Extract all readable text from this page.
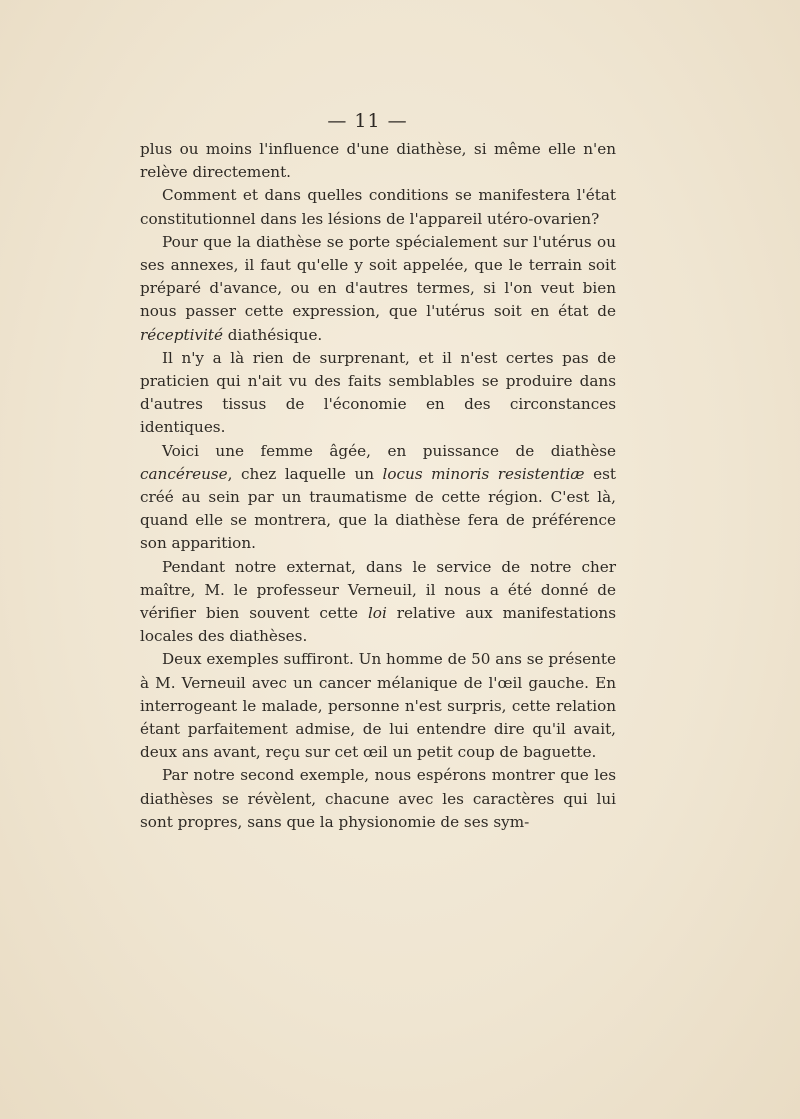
— 11 —

plus ou moins l'influence d'une diathèse, si même elle n'en relève directement.

Comment et dans quelles conditions se manifestera l'état constitutionnel dans les lésions de l'appareil utéro-ovarien?

Pour que la diathèse se porte spécialement sur l'utérus ou ses annexes, il faut qu'elle y soit appelée, que le terrain soit préparé d'avance, ou en d'autres termes, si l'on veut bien nous passer cette expression, que l'utérus soit en état de réceptivité diathésique.

Il n'y a là rien de surprenant, et il n'est certes pas de praticien qui n'ait vu des faits semblables se produire dans d'autres tissus de l'économie en des circonstances identiques.

Voici une femme âgée, en puissance de diathèse cancéreuse, chez laquelle un locus minoris resistentiæ est créé au sein par un traumatisme de cette région. C'est là, quand elle se montrera, que la diathèse fera de préférence son apparition.

Pendant notre externat, dans le service de notre cher maître, M. le professeur Verneuil, il nous a été donné de vérifier bien souvent cette loi relative aux manifestations locales des diathèses.

Deux exemples suffiront. Un homme de 50 ans se présente à M. Verneuil avec un cancer mélanique de l'œil gauche. En interrogeant le malade, personne n'est surpris, cette relation étant parfaitement admise, de lui entendre dire qu'il avait, deux ans avant, reçu sur cet œil un petit coup de baguette.

Par notre second exemple, nous espérons montrer que les diathèses se révèlent, chacune avec les caractères qui lui sont propres, sans que la physionomie de ses sym-
